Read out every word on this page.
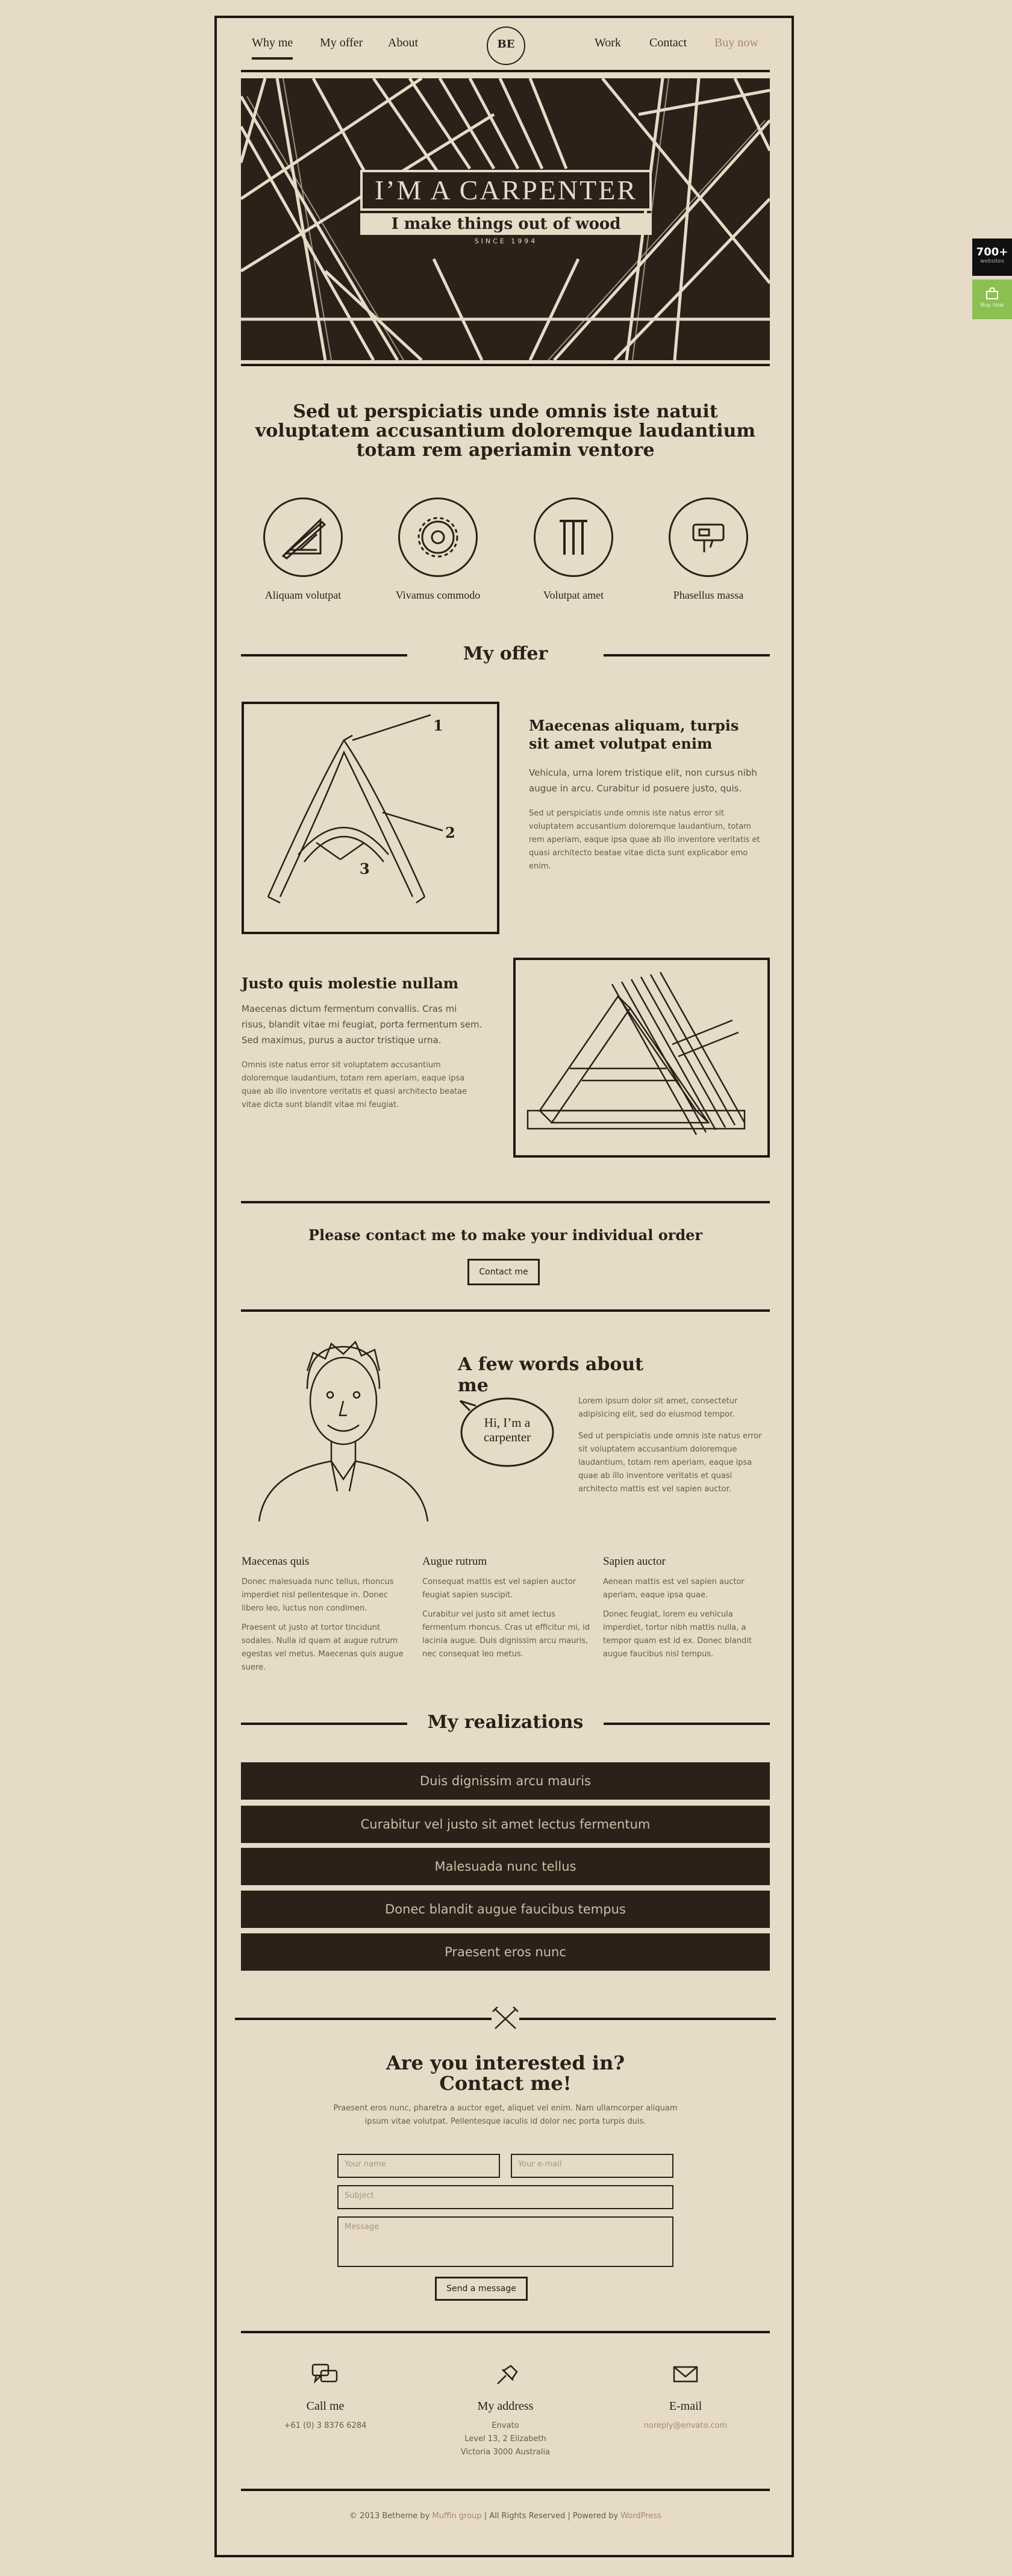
Why me My offer About	BE	Work Contact Buy now
I’M A CARPENTER
I make things out of wood
SINCE 1994
Sed ut perspiciatis unde omnis iste natuit voluptatem accusantium doloremque laudantium totam rem aperiamin ventore
Aliquam volutpat	Vivamus commodo	Volutpat amet	Phasellus massa
My offer
1
2
3
Maecenas aliquam, turpis sit amet volutpat enim
Vehicula, urna lorem tristique elit, non cursus nibh augue in arcu. Curabitur id posuere justo, quis.
Sed ut perspiciatis unde omnis iste natus error sit voluptatem accusantium doloremque laudantium, totam rem aperiam, eaque ipsa quae ab illo inventore veritatis et quasi architecto beatae vitae dicta sunt explicabor emo enim.
Justo quis molestie nullam
Maecenas dictum fermentum convallis. Cras mi risus, blandit vitae mi feugiat, porta fermentum sem. Sed maximus, purus a auctor tristique urna.
Omnis iste natus error sit voluptatem accusantium doloremque laudantium, totam rem aperiam, eaque ipsa quae ab illo inventore veritatis et quasi architecto beatae vitae dicta sunt blandit vitae mi feugiat.
Please contact me to make your individual order
Contact me
A few words about me
Hi, I’m a carpenter
Lorem ipsum dolor sit amet, consectetur adipisicing elit, sed do eiusmod tempor.
Sed ut perspiciatis unde omnis iste natus error sit voluptatem accusantium doloremque laudantium, totam rem aperiam, eaque ipsa quae ab illo inventore veritatis et quasi architecto mattis est vel sapien auctor.
Maecenas quis
Donec malesuada nunc tellus, rhoncus imperdiet nisl pellentesque in. Donec libero leo, luctus non condimen.
Praesent ut justo at tortor tincidunt sodales. Nulla id quam at augue rutrum egestas vel metus. Maecenas quis augue suere.
Augue rutrum
Consequat mattis est vel sapien auctor feugiat sapien suscipit.
Curabitur vel justo sit amet lectus fermentum rhoncus. Cras ut efficitur mi, id lacinia augue. Duis dignissim arcu mauris, nec consequat leo metus.
Sapien auctor
Aenean mattis est vel sapien auctor aperiam, eaque ipsa quae.
Donec feugiat, lorem eu vehicula imperdiet, tortor nibh mattis nulla, a tempor quam est id ex. Donec blandit augue faucibus nisl tempus.
My realizations
Duis dignissim arcu mauris
Curabitur vel justo sit amet lectus fermentum
Malesuada nunc tellus
Donec blandit augue faucibus tempus
Praesent eros nunc
Are you interested in?
Contact me!
Praesent eros nunc, pharetra a auctor eget, aliquet vel enim. Nam ullamcorper aliquam ipsum vitae volutpat. Pellentesque iaculis id dolor nec porta turpis duis.
Your name	Your e-mail
Subject
Message
Send a message
Call me
+61 (0) 3 8376 6284
My address
Envato
Level 13, 2 Elizabeth
Victoria 3000 Australia
E-mail
noreply@envato.com
© 2013 Betheme by Muffin group | All Rights Reserved | Powered by WordPress
700+
websites
Buy now
